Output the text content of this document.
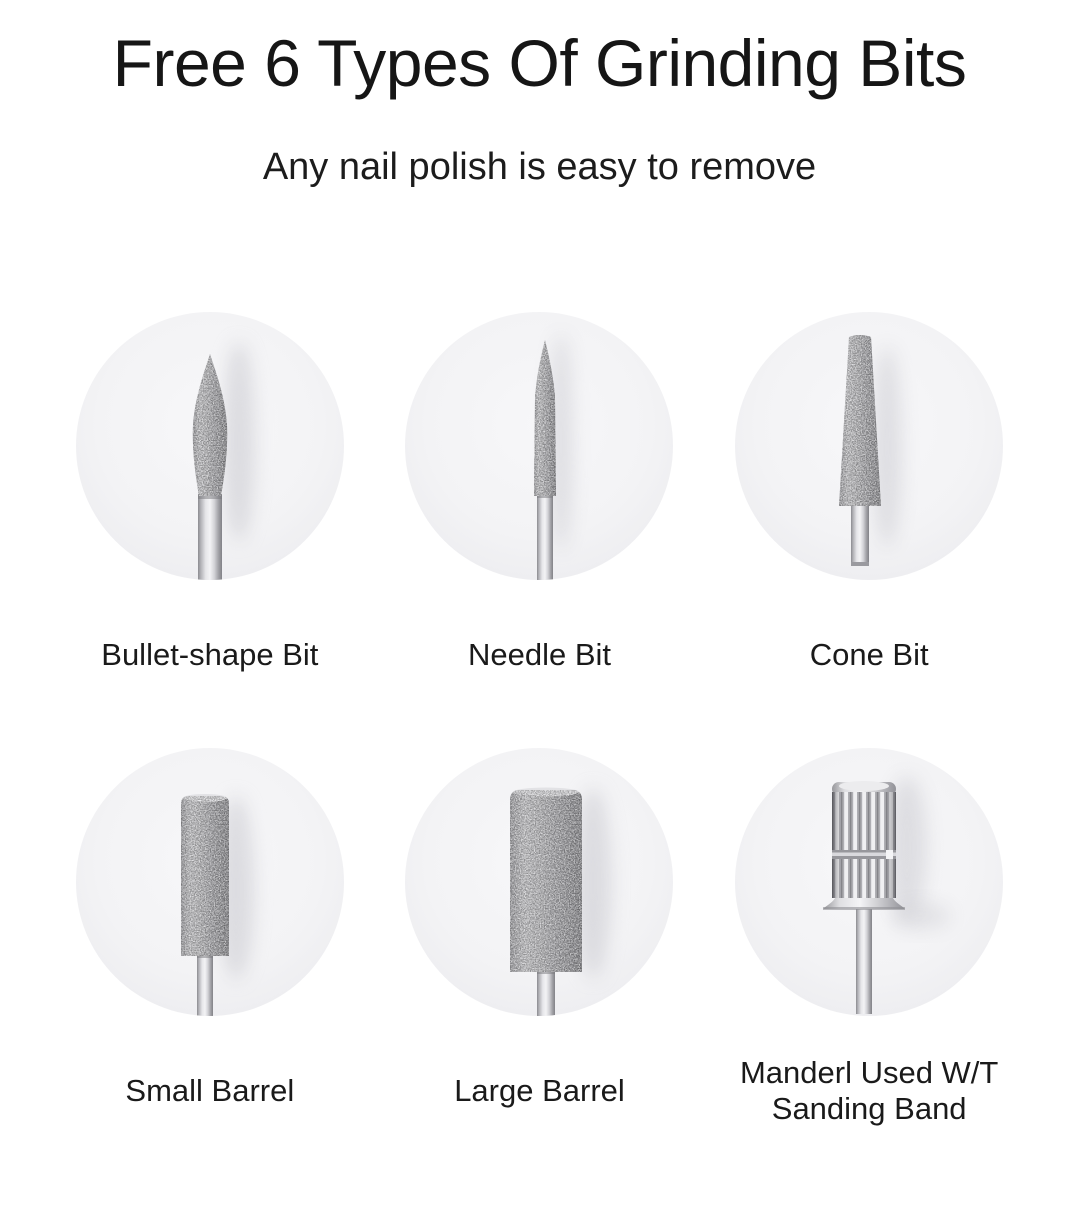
Free 6 Types Of Grinding Bits

Any nail polish is easy to remove

Bullet-shape Bit	Needle Bit	Cone Bit
Small Barrel	Large Barrel
Manderl Used W/T Sanding Band
